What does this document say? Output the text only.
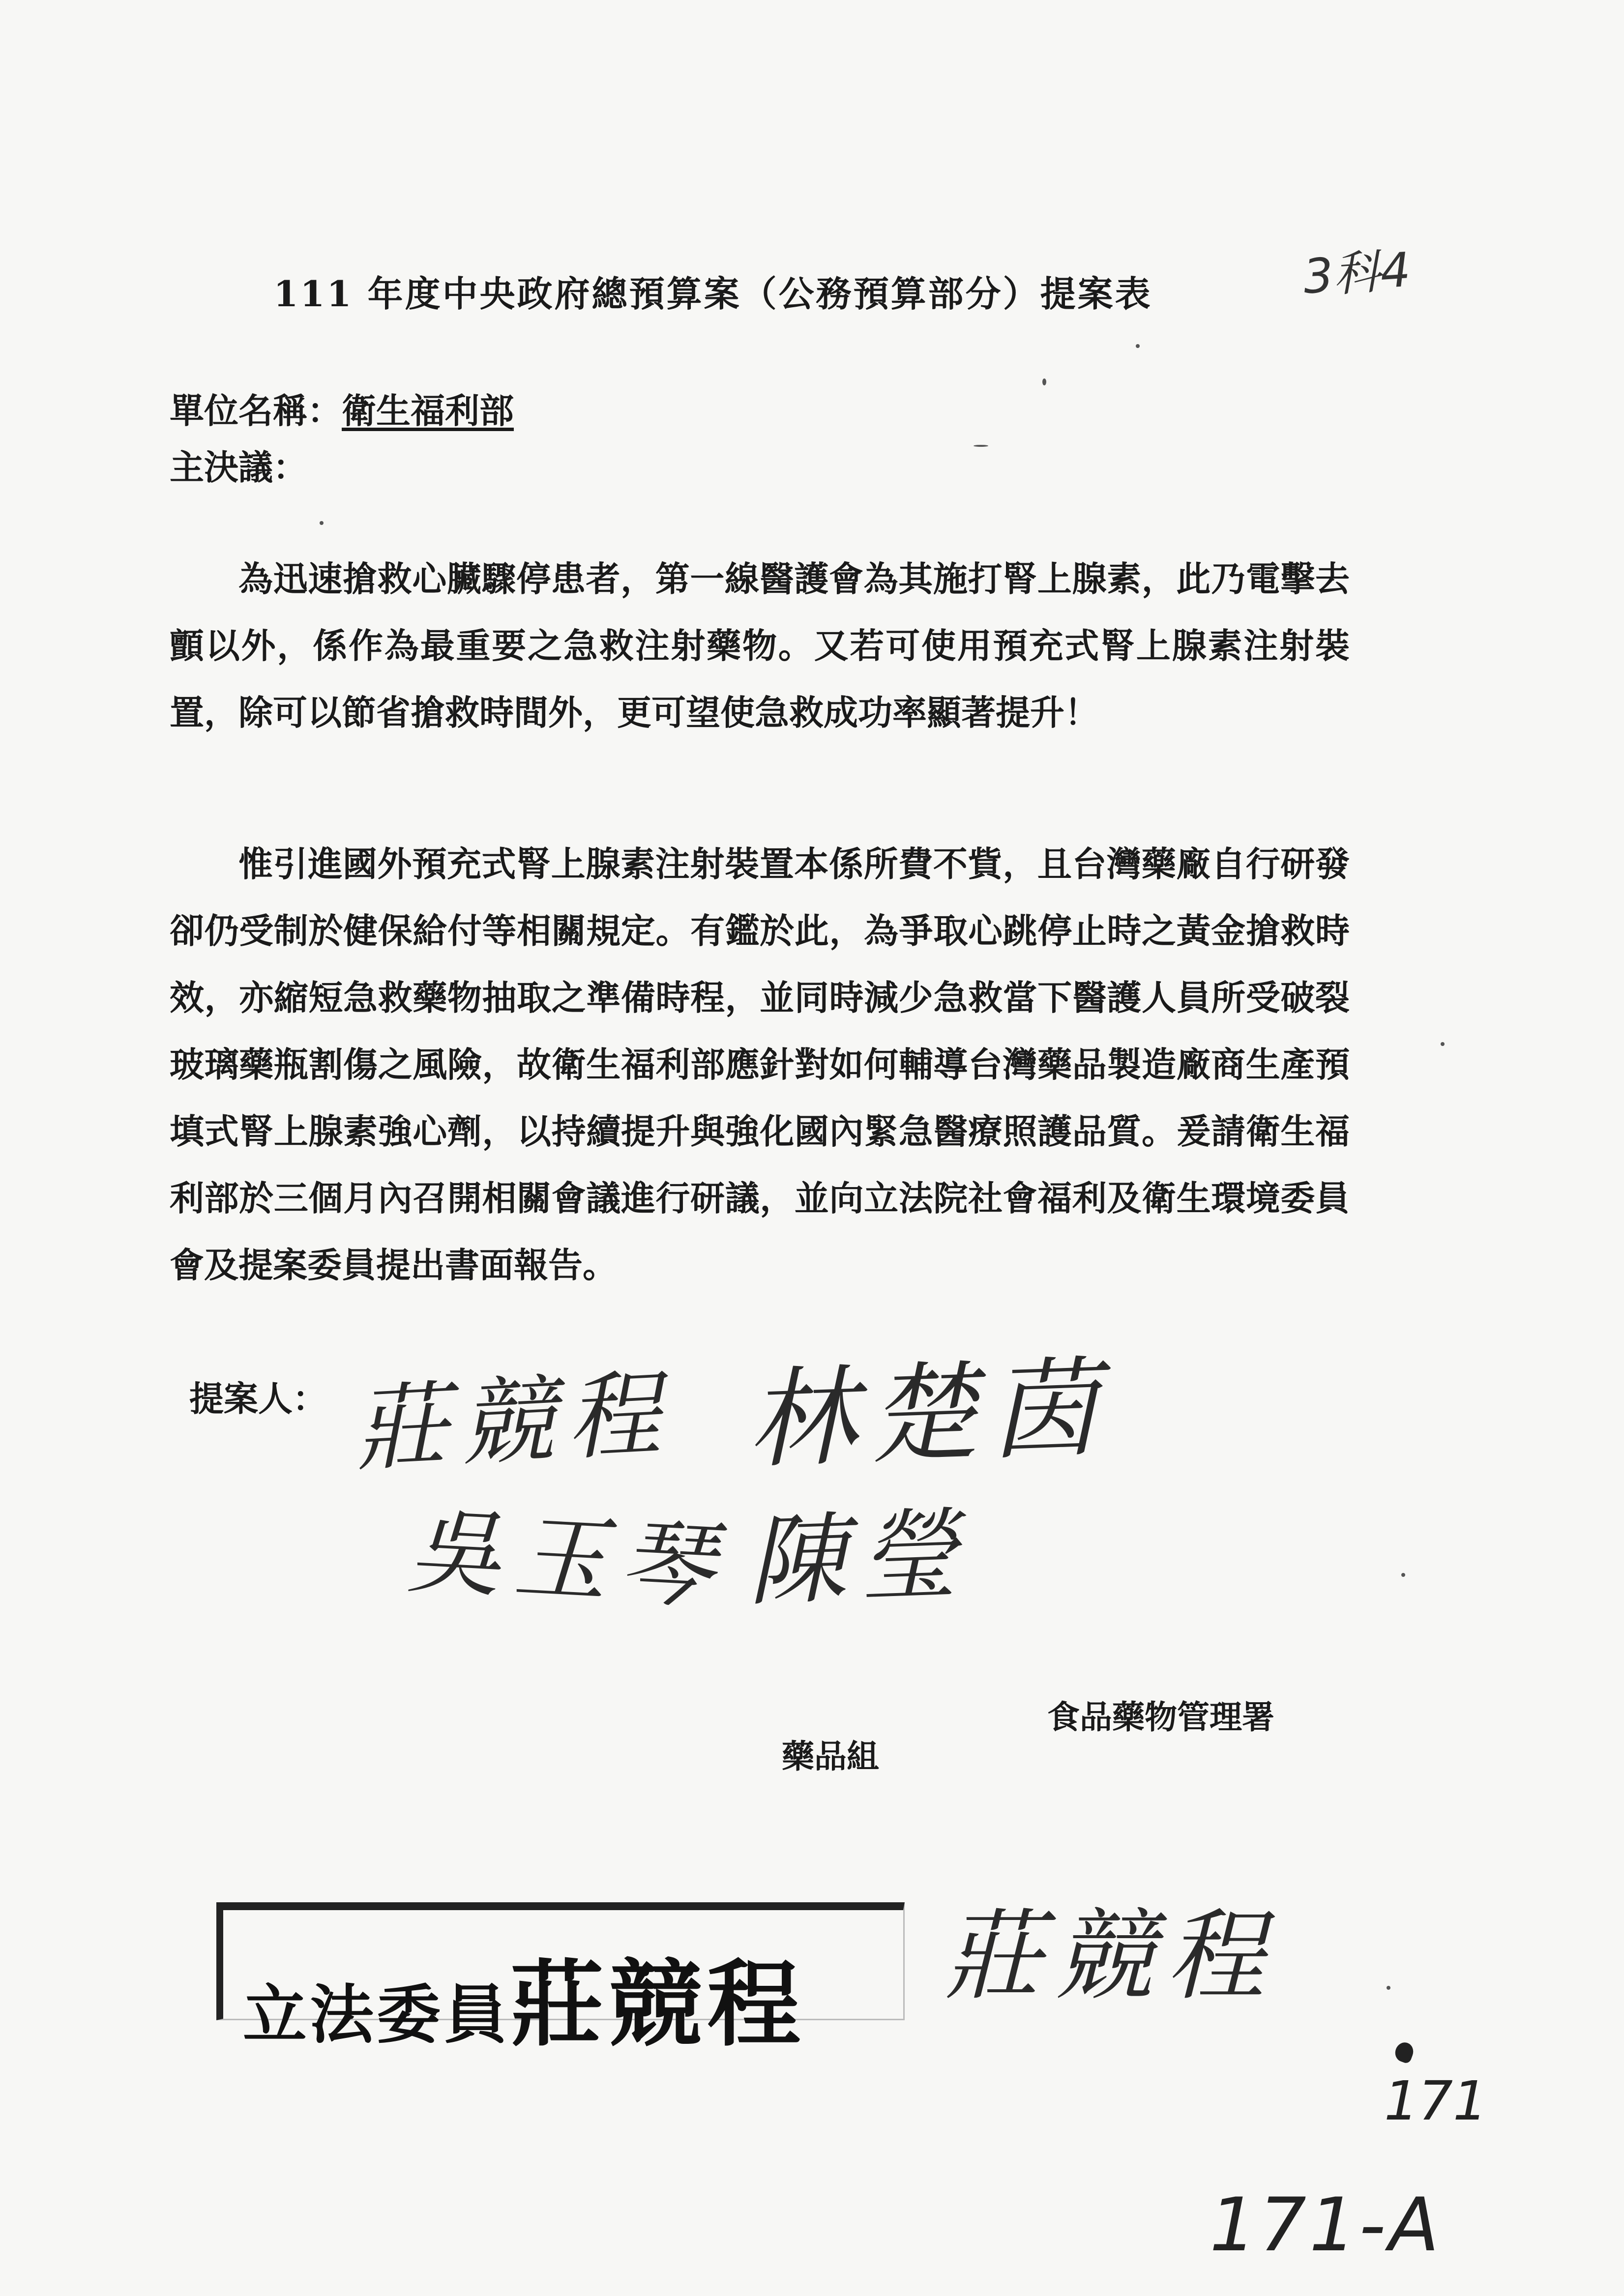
111 年度中央政府總預算案（公務預算部分）提案表	3科4
單位名稱：衛生福利部
主決議：

為迅速搶救心臟驟停患者，第一線醫護會為其施打腎上腺素，此乃電擊去顫以外，係作為最重要之急救注射藥物。又若可使用預充式腎上腺素注射裝置，除可以節省搶救時間外，更可望使急救成功率顯著提升！

惟引進國外預充式腎上腺素注射裝置本係所費不貲，且台灣藥廠自行研發卻仍受制於健保給付等相關規定。有鑑於此，為爭取心跳停止時之黃金搶救時效，亦縮短急救藥物抽取之準備時程，並同時減少急救當下醫護人員所受破裂玻璃藥瓶割傷之風險，故衛生福利部應針對如何輔導台灣藥品製造廠商生產預填式腎上腺素強心劑，以持續提升與強化國內緊急醫療照護品質。爰請衛生福利部於三個月內召開相關會議進行研議，並向立法院社會福利及衛生環境委員會及提案委員提出書面報告。

提案人： 莊競程 林楚茵
吳玉琴 陳瑩
食品藥物管理署
藥品組
立法委員莊競程 莊競程
171
171-A
